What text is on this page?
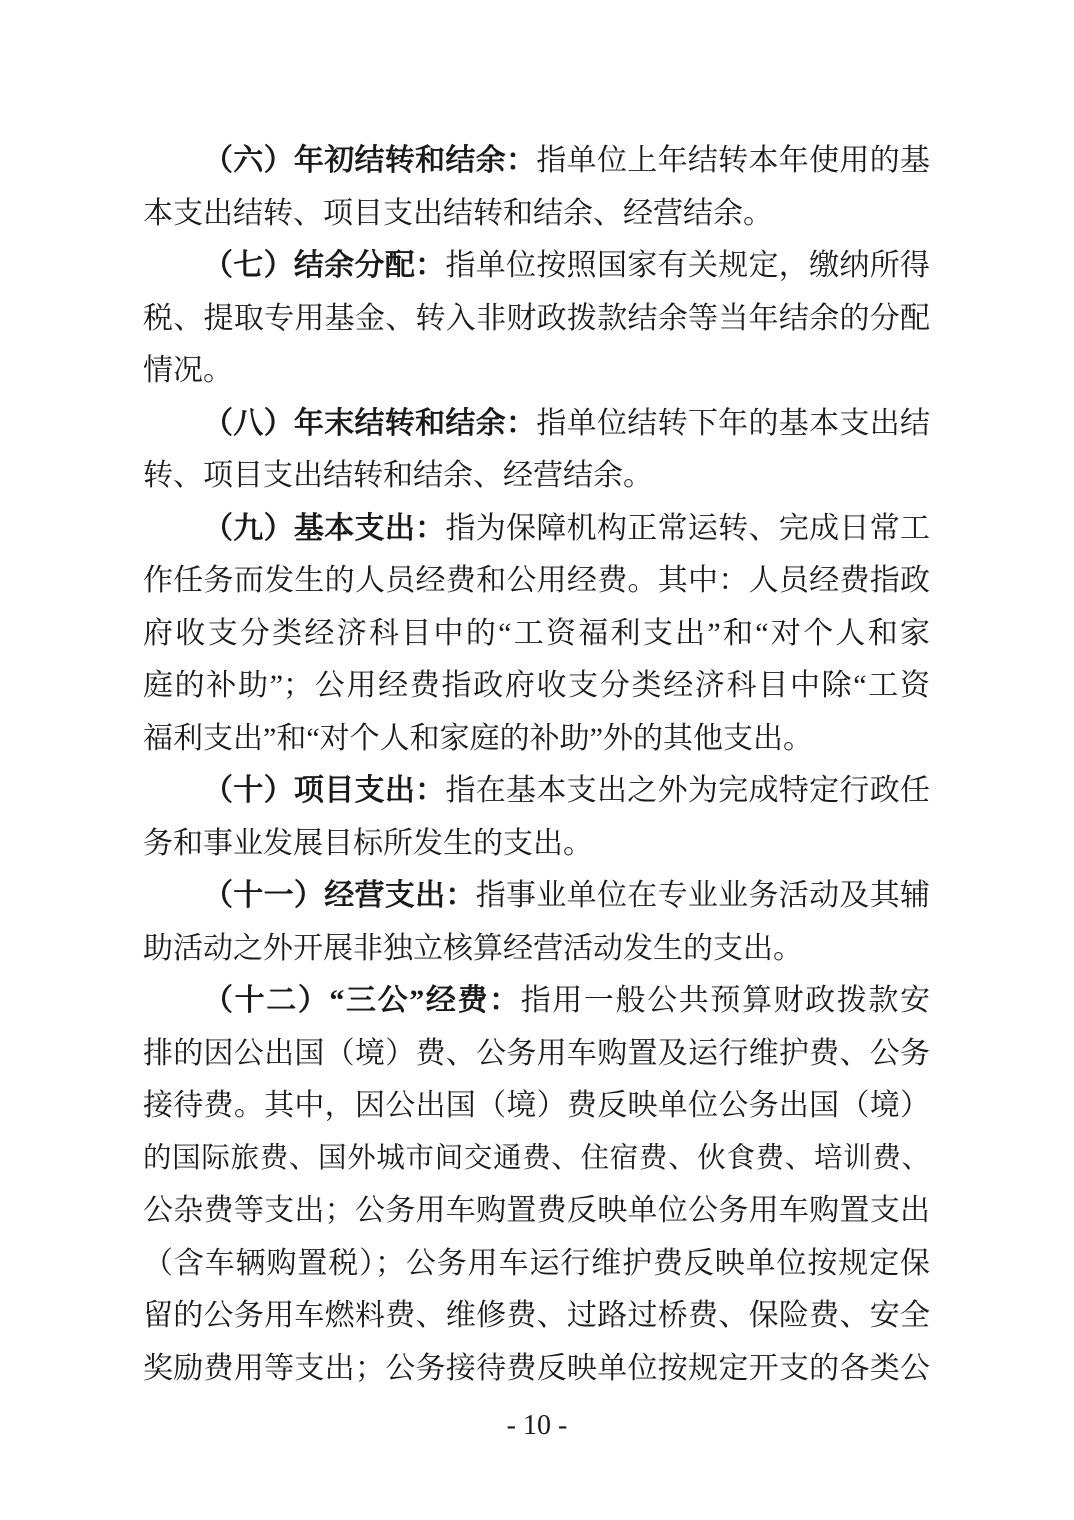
（六）年初结转和结余：指单位上年结转本年使用的基
本支出结转、项目支出结转和结余、经营结余。
（七）结余分配：指单位按照国家有关规定，缴纳所得
税、提取专用基金、转入非财政拨款结余等当年结余的分配
情况。
（八）年末结转和结余：指单位结转下年的基本支出结
转、项目支出结转和结余、经营结余。
（九）基本支出：指为保障机构正常运转、完成日常工
作任务而发生的人员经费和公用经费。其中：人员经费指政
府收支分类经济科目中的“工资福利支出”和“对个人和家
庭的补助”；公用经费指政府收支分类经济科目中除“工资
福利支出”和“对个人和家庭的补助”外的其他支出。
（十）项目支出：指在基本支出之外为完成特定行政任
务和事业发展目标所发生的支出。
（十一）经营支出：指事业单位在专业业务活动及其辅
助活动之外开展非独立核算经营活动发生的支出。
（十二）“三公”经费：指用一般公共预算财政拨款安
排的因公出国（境）费、公务用车购置及运行维护费、公务
接待费。其中，因公出国（境）费反映单位公务出国（境）
的国际旅费、国外城市间交通费、住宿费、伙食费、培训费、
公杂费等支出；公务用车购置费反映单位公务用车购置支出
（含车辆购置税）；公务用车运行维护费反映单位按规定保
留的公务用车燃料费、维修费、过路过桥费、保险费、安全
奖励费用等支出；公务接待费反映单位按规定开支的各类公
- 10 -
